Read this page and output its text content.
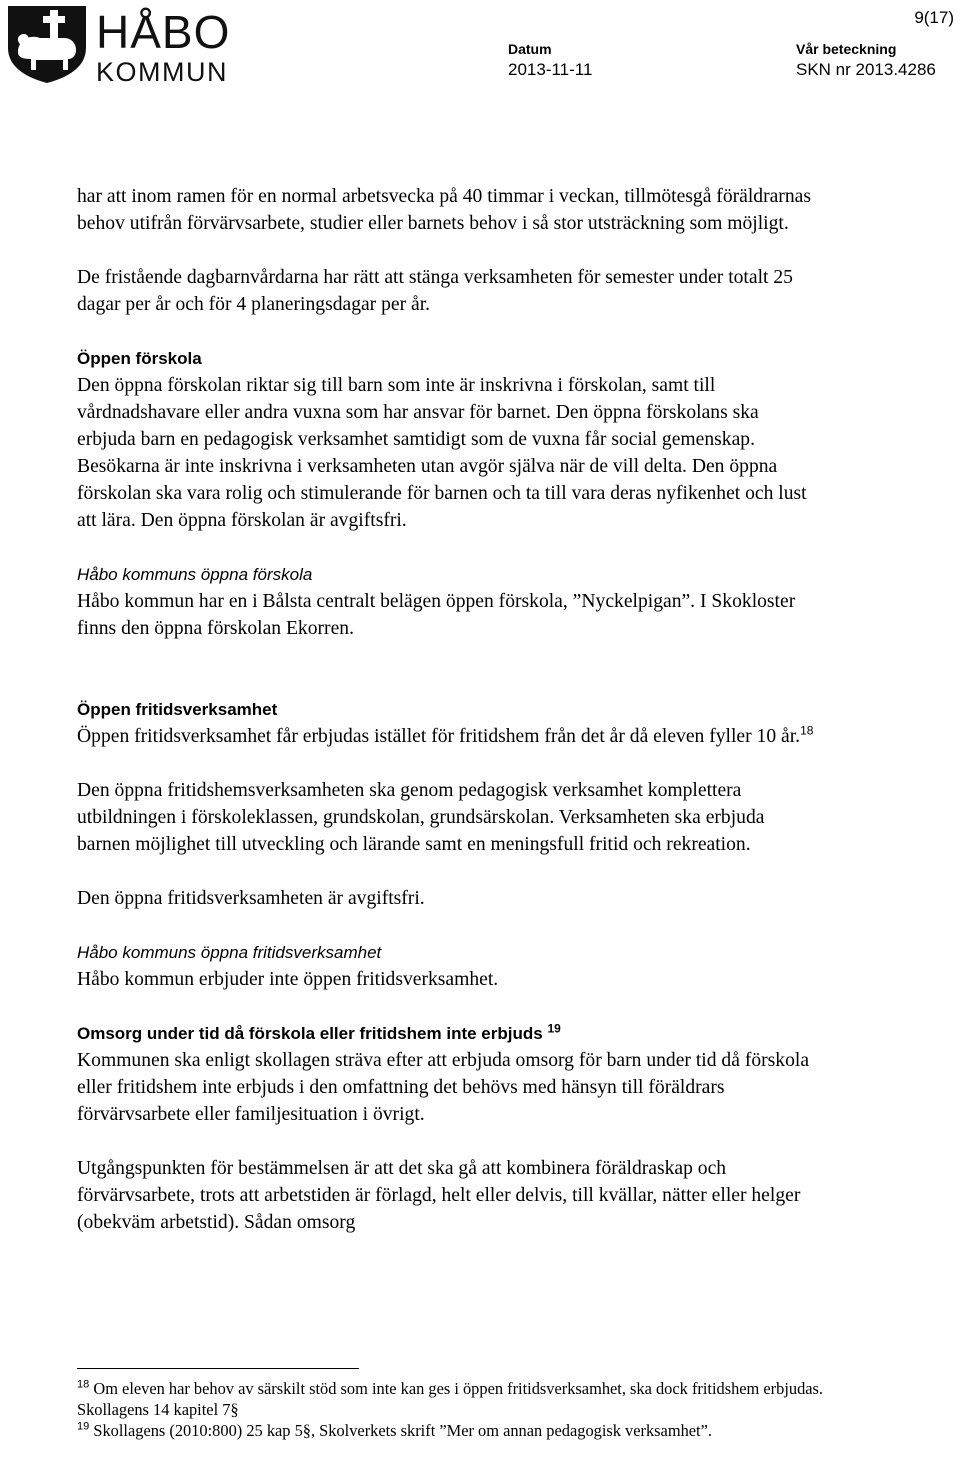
HÅBO
KOMMUN
9(17)
Datum
2013-11-11
Vår beteckning
SKN nr 2013.4286

har att inom ramen för en normal arbetsvecka på 40 timmar i veckan, tillmötesgå föräldrarnas behov utifrån förvärvsarbete, studier eller barnets behov i så stor utsträckning som möjligt.

De fristående dagbarnvårdarna har rätt att stänga verksamheten för semester under totalt 25 dagar per år och för 4 planeringsdagar per år.

Öppen förskola

Den öppna förskolan riktar sig till barn som inte är inskrivna i förskolan, samt till vårdnadshavare eller andra vuxna som har ansvar för barnet. Den öppna förskolans ska erbjuda barn en pedagogisk verksamhet samtidigt som de vuxna får social gemenskap. Besökarna är inte inskrivna i verksamheten utan avgör själva när de vill delta. Den öppna förskolan ska vara rolig och stimulerande för barnen och ta till vara deras nyfikenhet och lust att lära. Den öppna förskolan är avgiftsfri.

Håbo kommuns öppna förskola

Håbo kommun har en i Bålsta centralt belägen öppen förskola, ”Nyckelpigan”. I Skokloster finns den öppna förskolan Ekorren.

Öppen fritidsverksamhet

Öppen fritidsverksamhet får erbjudas istället för fritidshem från det år då eleven fyller 10 år.$^{18}$

Den öppna fritidshemsverksamheten ska genom pedagogisk verksamhet komplettera utbildningen i förskoleklassen, grundskolan, grundsärskolan. Verksamheten ska erbjuda barnen möjlighet till utveckling och lärande samt en meningsfull fritid och rekreation.

Den öppna fritidsverksamheten är avgiftsfri.

Håbo kommuns öppna fritidsverksamhet

Håbo kommun erbjuder inte öppen fritidsverksamhet.

Omsorg under tid då förskola eller fritidshem inte erbjuds $^{19}$

Kommunen ska enligt skollagen sträva efter att erbjuda omsorg för barn under tid då förskola eller fritidshem inte erbjuds i den omfattning det behövs med hänsyn till föräldrars förvärvsarbete eller familjesituation i övrigt.

Utgångspunkten för bestämmelsen är att det ska gå att kombinera föräldraskap och förvärvsarbete, trots att arbetstiden är förlagd, helt eller delvis, till kvällar, nätter eller helger (obekväm arbetstid). Sådan omsorg

$^{18}$ Om eleven har behov av särskilt stöd som inte kan ges i öppen fritidsverksamhet, ska dock fritidshem erbjudas. Skollagens 14 kapitel 7§

$^{19}$ Skollagens (2010:800) 25 kap 5§, Skolverkets skrift ”Mer om annan pedagogisk verksamhet”.
